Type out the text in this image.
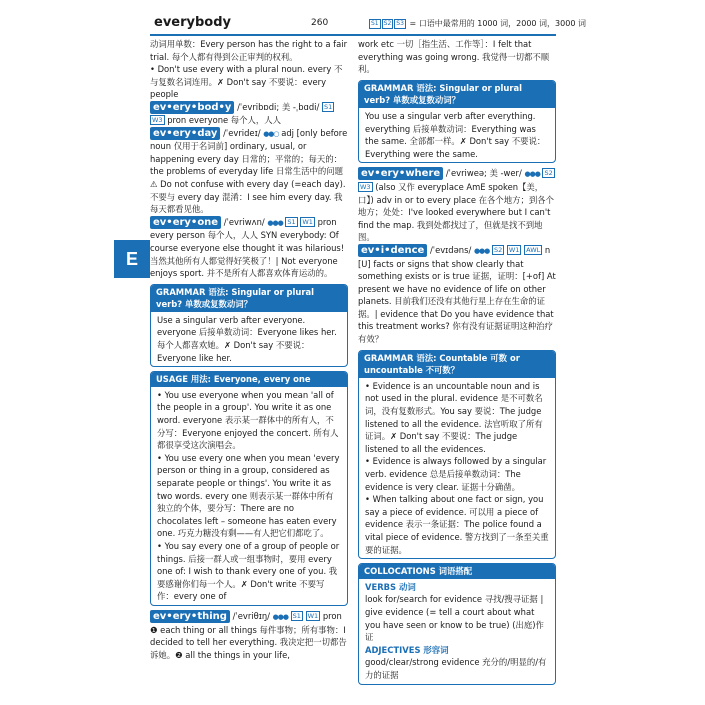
E
everybody	260	S1 S2 S3 = 口语中最常用的 1000 词，2000 词，3000 词

动词用单数：Every person has the right to a fair trial. 每个人都有得到公正审判的权利。

• Don't use every with a plural noun. every 不与复数名词连用。✗ Don't say 不要说：every people

ev•ery•bod•y /ˈevribɒdi; 美 -ˌbɑdi/ S1 W3 pron everyone 每个人，人人
ev•ery•day /ˈevrideɪ/ ●●○ adj [only before noun 仅用于名词前] ordinary, usual, or happening every day 日常的；平常的；每天的：the problems of everyday life 日常生活中的问题 ⚠ Do not confuse with every day (=each day). 不要与 every day 混淆：I see him every day. 我每天都看见他。
ev•ery•one /ˈevriwʌn/ ●●● S1 W1 pron every person 每个人，人人 SYN everybody: Of course everyone else thought it was hilarious! 当然其他所有人都觉得好笑极了！| Not everyone enjoys sport. 并不是所有人都喜欢体育运动的。
GRAMMAR 语法: Singular or plural verb? 单数或复数动词？
Use a singular verb after everyone. everyone 后接单数动词：Everyone likes her. 每个人都喜欢她。✗ Don't say 不要说：Everyone like her.
USAGE 用法: Everyone, every one

• You use everyone when you mean 'all of the people in a group'. You write it as one word. everyone 表示某一群体中的所有人，不分写：Everyone enjoyed the concert. 所有人都很享受这次演唱会。

• You use every one when you mean 'every person or thing in a group, considered as separate people or things'. You write it as two words. every one 则表示某一群体中所有独立的个体，要分写：There are no chocolates left – someone has eaten every one. 巧克力糖没有剩——有人把它们都吃了。

• You say every one of a group of people or things. 后接一群人或一组事物时，要用 every one of: I wish to thank every one of you. 我要感谢你们每一个人。✗ Don't write 不要写作：every one of

ev•ery•thing /ˈevriθɪŋ/ ●●● S1 W1 pron ❶ each thing or all things 每件事物；所有事物：I decided to tell her everything. 我决定把一切都告诉她。❷ all the things in your life,

work etc 一切［指生活、工作等］：I felt that everything was going wrong. 我觉得一切都不顺利。

GRAMMAR 语法: Singular or plural verb? 单数或复数动词？
You use a singular verb after everything. everything 后接单数动词：Everything was the same. 全部都一样。✗ Don't say 不要说：Everything were the same.
ev•ery•where /ˈevriweə; 美 -wer/ ●●● S2 W3 (also 又作 everyplace AmE spoken【美，口】) adv in or to every place 在各个地方；到各个地方；处处：I've looked everywhere but I can't find the map. 我到处都找过了，但就是找不到地图。
ev•i•dence /ˈevɪdəns/ ●●● S2 W1 AWL n [U] facts or signs that show clearly that something exists or is true 证据，证明：[+of] At present we have no evidence of life on other planets. 目前我们还没有其他行星上存在生命的证据。| evidence that Do you have evidence that this treatment works? 你有没有证据证明这种治疗有效？
GRAMMAR 语法: Countable 可数 or uncountable 不可数？

• Evidence is an uncountable noun and is not used in the plural. evidence 是不可数名词，没有复数形式。You say 要说：The judge listened to all the evidence. 法官听取了所有证词。✗ Don't say 不要说：The judge listened to all the evidences.

• Evidence is always followed by a singular verb. evidence 总是后接单数动词：The evidence is very clear. 证据十分确凿。

• When talking about one fact or sign, you say a piece of evidence. 可以用 a piece of evidence 表示一条证据：The police found a vital piece of evidence. 警方找到了一条至关重要的证据。

COLLOCATIONS 词语搭配
VERBS 动词

look for/search for evidence 寻找/搜寻证据 | give evidence (= tell a court about what you have seen or know to be true) (出庭)作证

ADJECTIVES 形容词

good/clear/strong evidence 充分的/明显的/有力的证据
